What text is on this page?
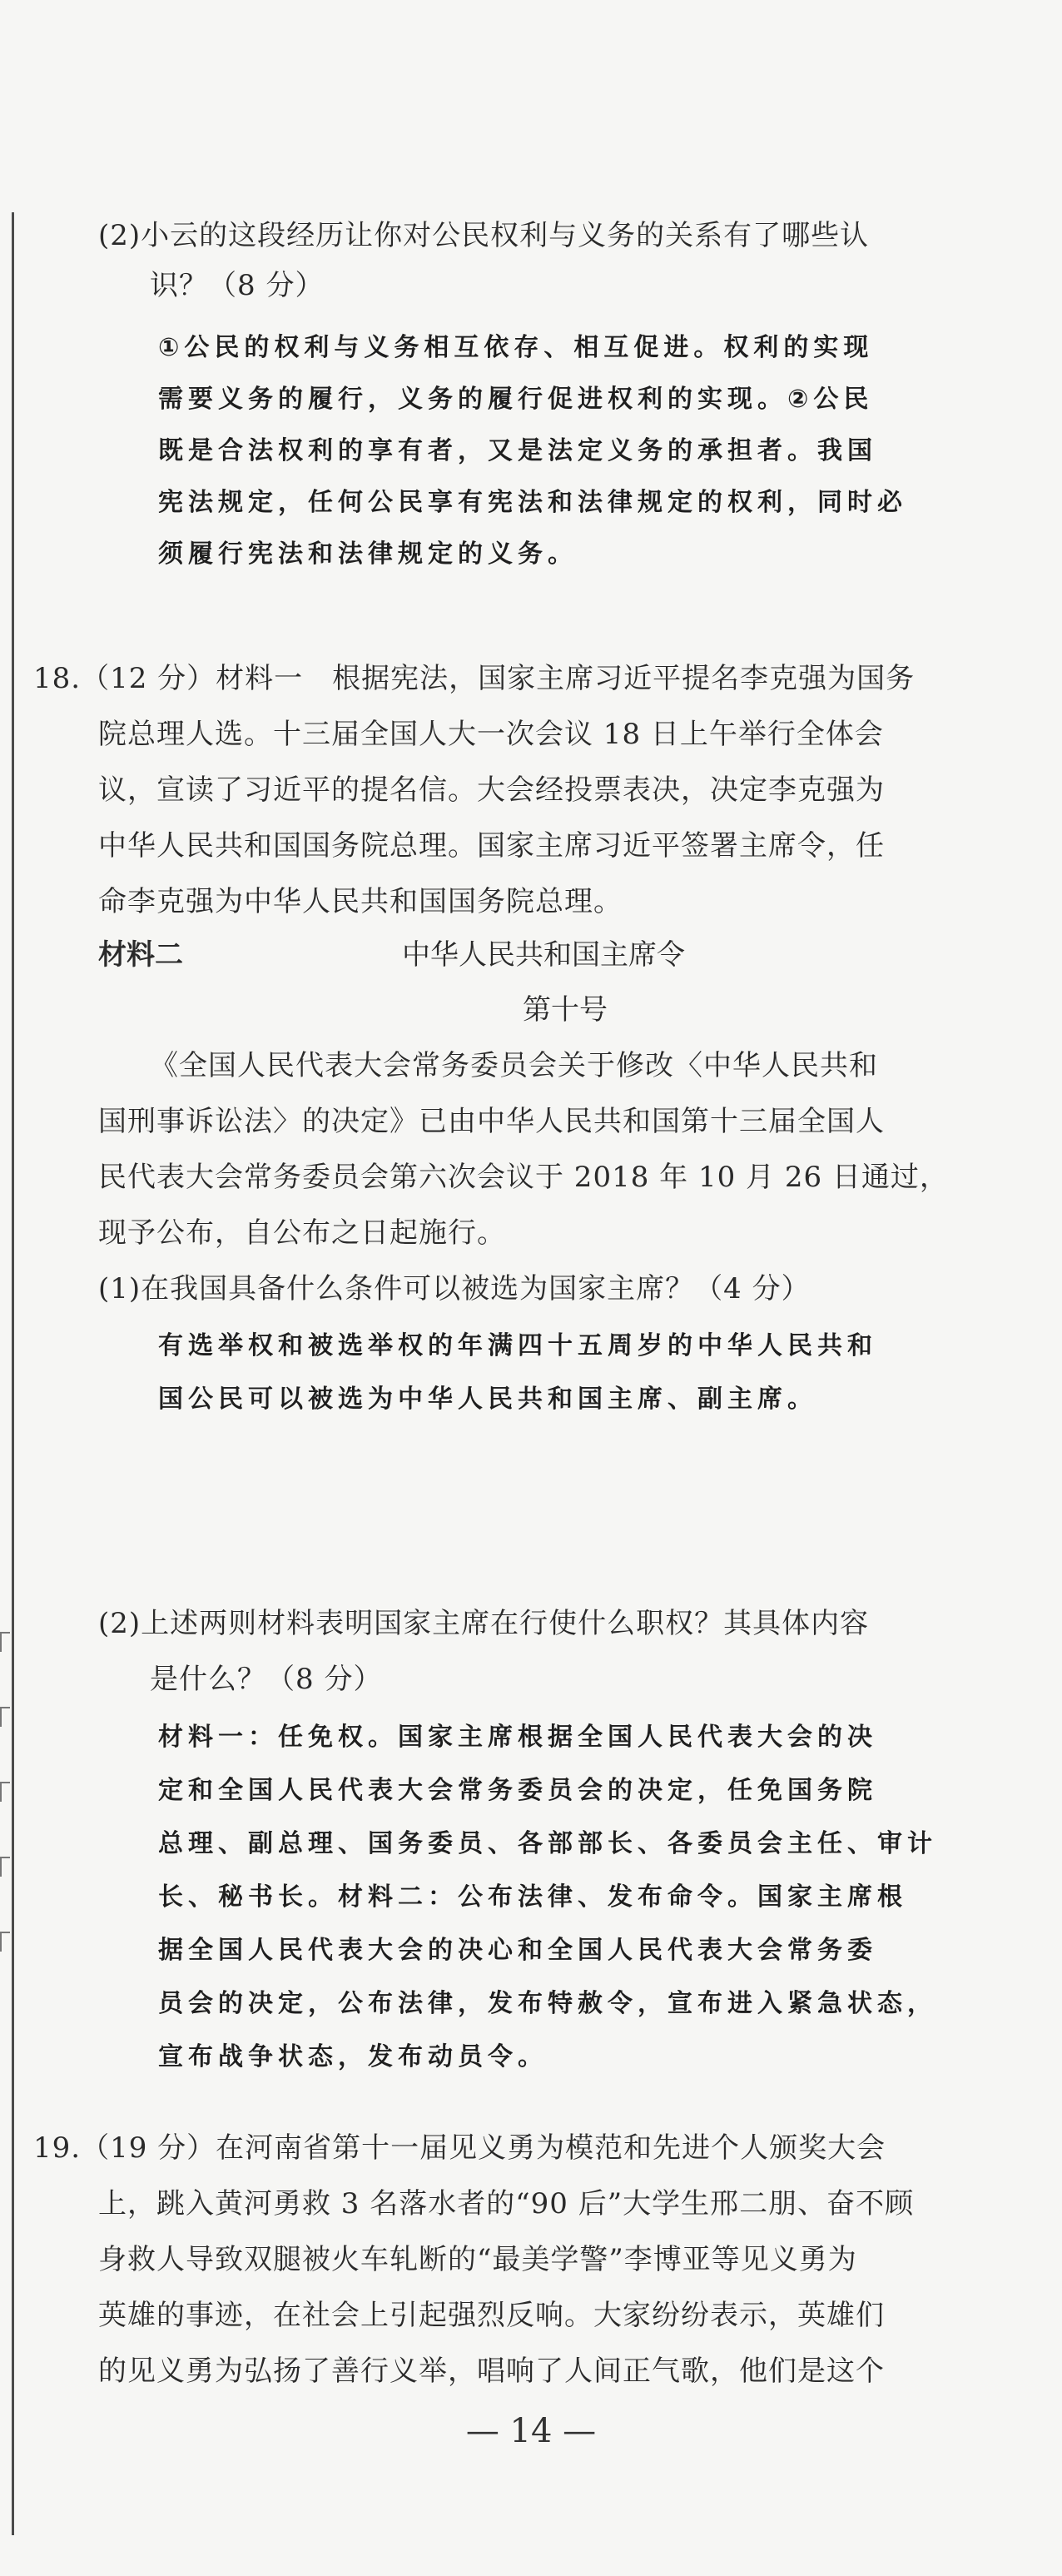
(2)小云的这段经历让你对公民权利与义务的关系有了哪些认
识？（8 分）
①公民的权利与义务相互依存、相互促进。权利的实现
需要义务的履行，义务的履行促进权利的实现。②公民
既是合法权利的享有者，又是法定义务的承担者。我国
宪法规定，任何公民享有宪法和法律规定的权利，同时必
须履行宪法和法律规定的义务。
18.（12 分）材料一　根据宪法，国家主席习近平提名李克强为国务
院总理人选。十三届全国人大一次会议 18 日上午举行全体会
议，宣读了习近平的提名信。大会经投票表决，决定李克强为
中华人民共和国国务院总理。国家主席习近平签署主席令，任
命李克强为中华人民共和国国务院总理。
材料二	中华人民共和国主席令
第十号
《全国人民代表大会常务委员会关于修改〈中华人民共和
国刑事诉讼法〉的决定》已由中华人民共和国第十三届全国人
民代表大会常务委员会第六次会议于 2018 年 10 月 26 日通过，
现予公布，自公布之日起施行。
(1)在我国具备什么条件可以被选为国家主席？（4 分）
有选举权和被选举权的年满四十五周岁的中华人民共和
国公民可以被选为中华人民共和国主席、副主席。
(2)上述两则材料表明国家主席在行使什么职权？其具体内容
是什么？（8 分）
材料一：任免权。国家主席根据全国人民代表大会的决
定和全国人民代表大会常务委员会的决定，任免国务院
总理、副总理、国务委员、各部部长、各委员会主任、审计
长、秘书长。材料二：公布法律、发布命令。国家主席根
据全国人民代表大会的决心和全国人民代表大会常务委
员会的决定，公布法律，发布特赦令，宣布进入紧急状态，
宣布战争状态，发布动员令。
19.（19 分）在河南省第十一届见义勇为模范和先进个人颁奖大会
上，跳入黄河勇救 3 名落水者的“90 后”大学生邢二朋、奋不顾
身救人导致双腿被火车轧断的“最美学警”李博亚等见义勇为
英雄的事迹，在社会上引起强烈反响。大家纷纷表示，英雄们
的见义勇为弘扬了善行义举，唱响了人间正气歌，他们是这个
— 14 —
